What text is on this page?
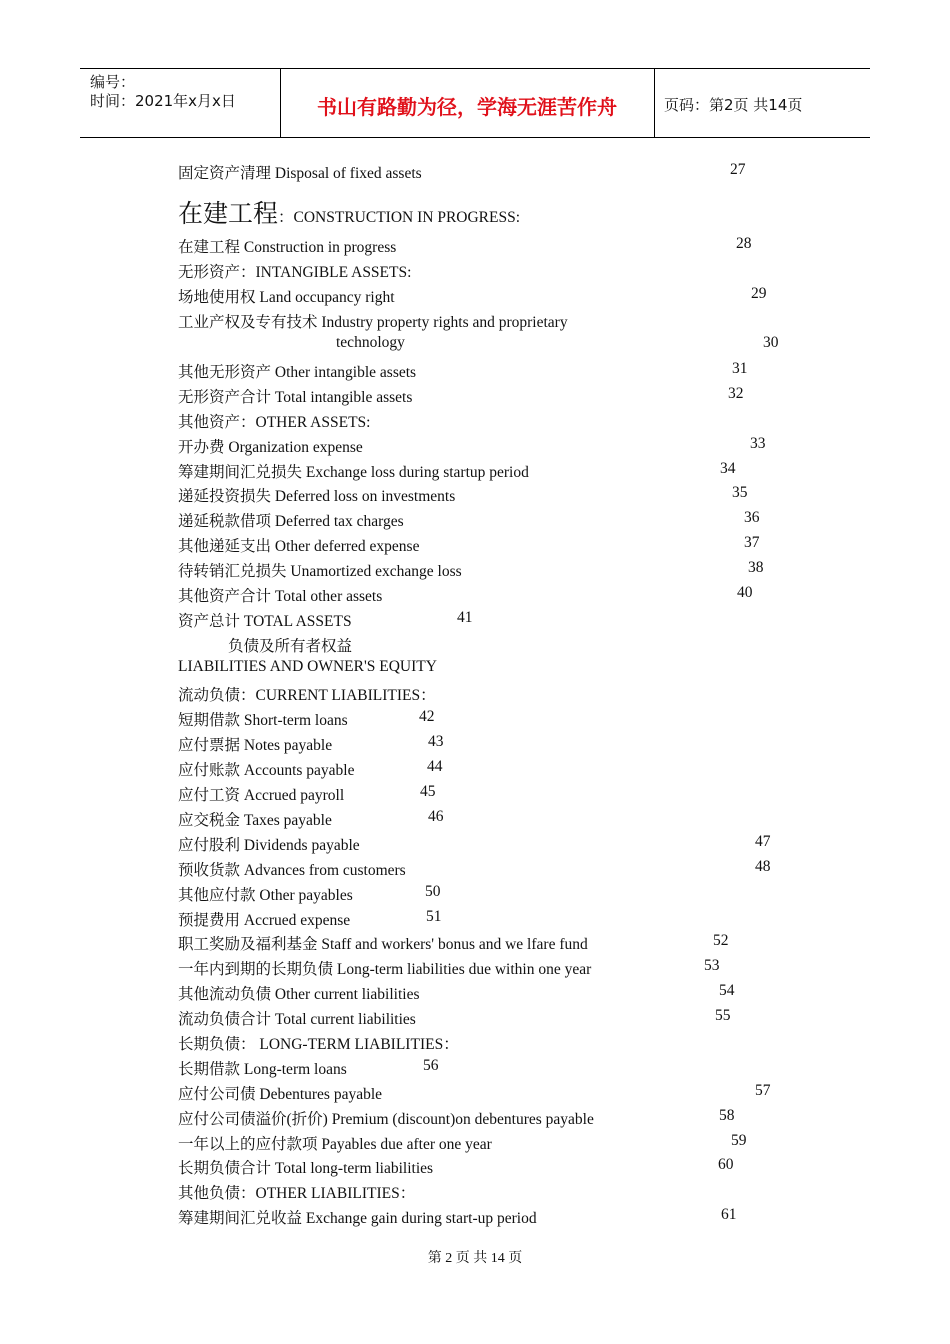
编号：
时间：2021年x月x日	书山有路勤为径，学海无涯苦作舟	页码：第2页 共14页
固定资产清理 Disposal of fixed assets	27
在建工程：CONSTRUCTION IN PROGRESS:
在建工程 Construction in progress	28
无形资产：INTANGIBLE ASSETS:
场地使用权 Land occupancy right	29
工业产权及专有技术 Industry property rights and proprietary
technology	30
其他无形资产 Other intangible assets	31
无形资产合计 Total intangible assets	32
其他资产：OTHER ASSETS:
开办费 Organization expense	33
筹建期间汇兑损失 Exchange loss during startup period	34
递延投资损失 Deferred loss on investments	35
递延税款借项 Deferred tax charges	36
其他递延支出 Other deferred expense	37
待转销汇兑损失 Unamortized exchange loss	38
其他资产合计 Total other assets	40
资产总计 TOTAL ASSETS	41
负债及所有者权益
LIABILITIES AND OWNER'S EQUITY
流动负债：CURRENT LIABILITIES：
短期借款 Short-term loans	42
应付票据 Notes payable	43
应付账款 Accounts payable	44
应付工资 Accrued payroll	45
应交税金 Taxes payable	46
应付股利 Dividends payable	47
预收货款 Advances from customers	48
其他应付款 Other payables	50
预提费用 Accrued expense	51
职工奖励及福利基金 Staff and workers' bonus and we lfare fund	52
一年内到期的长期负债 Long-term liabilities due within one year	53
其他流动负债 Other current liabilities	54
流动负债合计 Total current liabilities	55
长期负债： LONG-TERM LIABILITIES：
长期借款 Long-term loans	56
应付公司债 Debentures payable	57
应付公司债溢价(折价) Premium (discount)on debentures payable	58
一年以上的应付款项 Payables due after one year	59
长期负债合计 Total long-term liabilities	60
其他负债：OTHER LIABILITIES：
筹建期间汇兑收益 Exchange gain during start-up period	61
第 2 页 共 14 页
